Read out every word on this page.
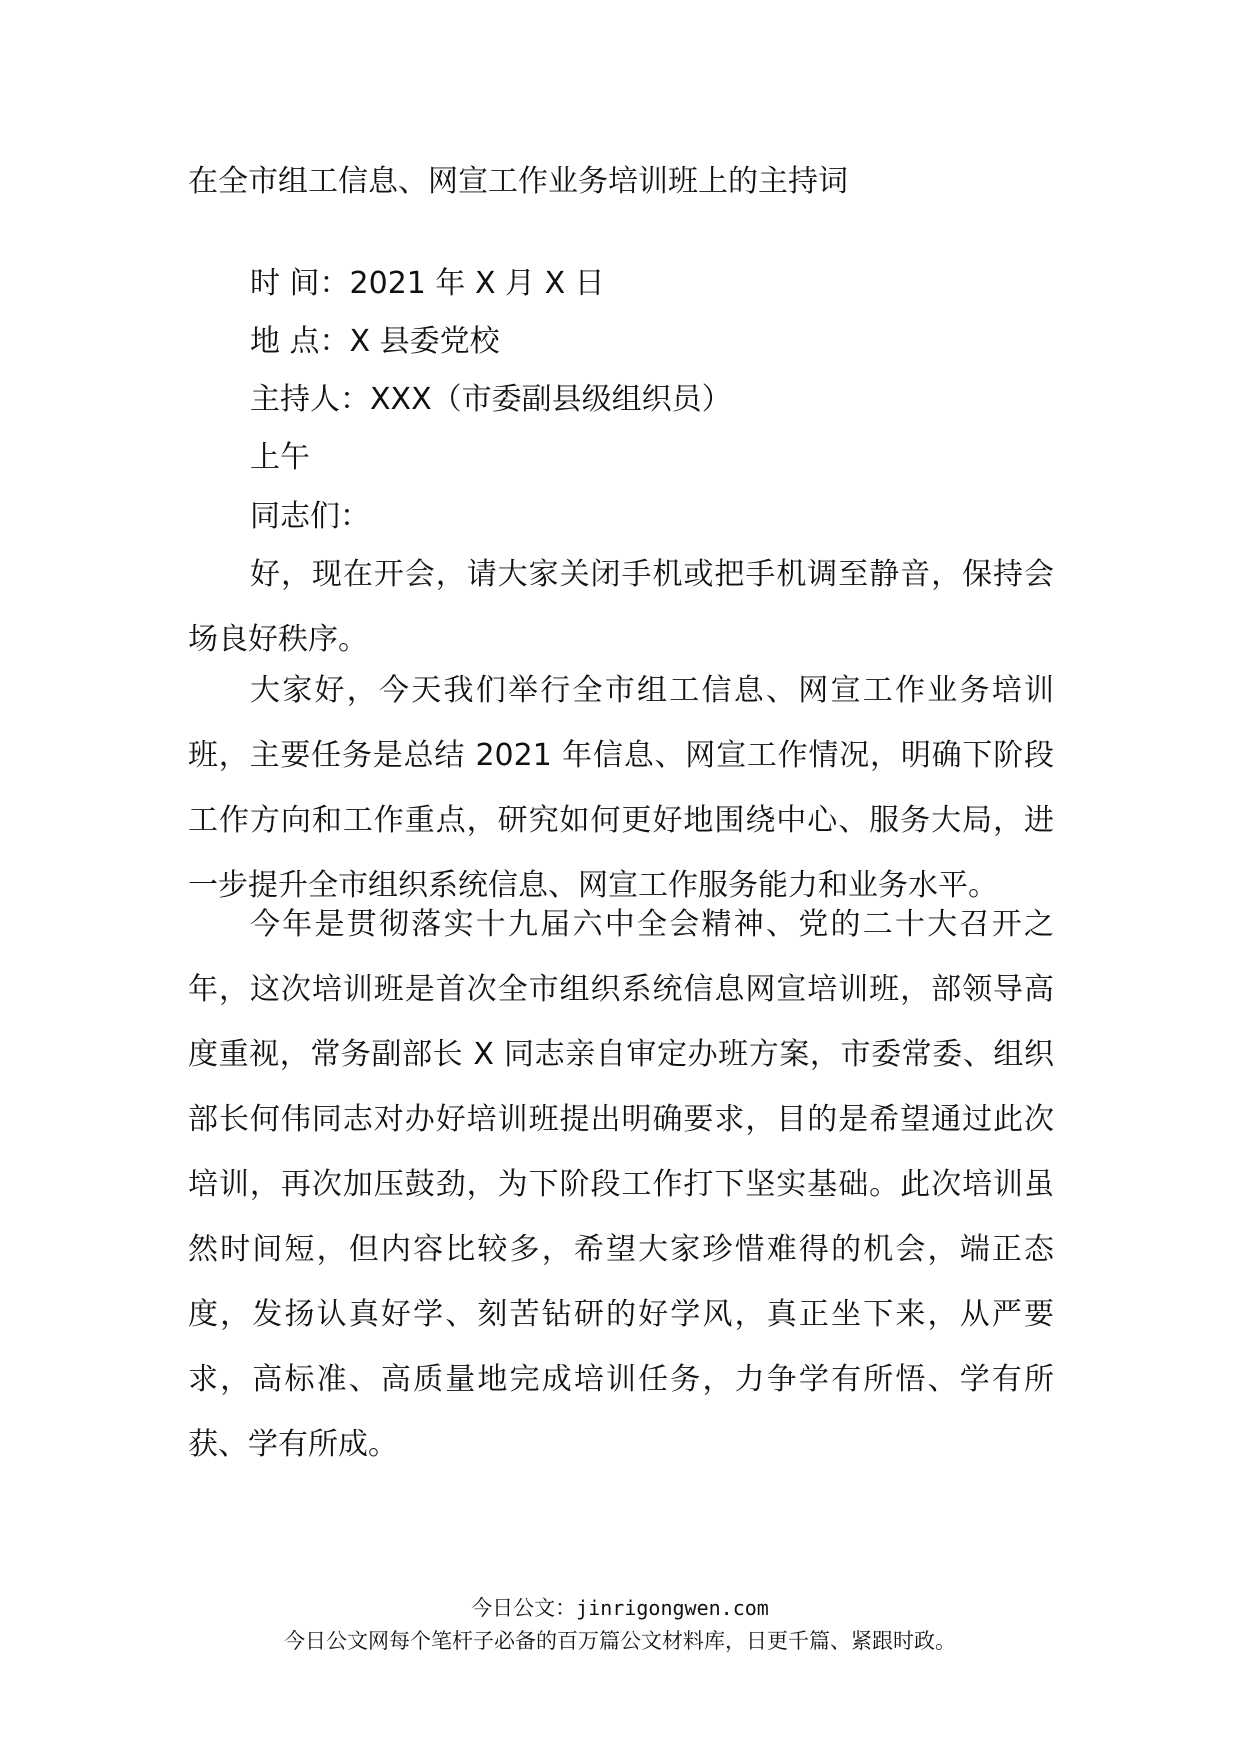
在全市组工信息、网宣工作业务培训班上的主持词
时 间：2021 年 X 月 X 日
地 点：X 县委党校
主持人：XXX（市委副县级组织员）
上午
同志们：
好，现在开会，请大家关闭手机或把手机调至静音，保持会场良好秩序。
大家好，今天我们举行全市组工信息、网宣工作业务培训班，主要任务是总结 2021 年信息、网宣工作情况，明确下阶段工作方向和工作重点，研究如何更好地围绕中心、服务大局，进一步提升全市组织系统信息、网宣工作服务能力和业务水平。
今年是贯彻落实十九届六中全会精神、党的二十大召开之年，这次培训班是首次全市组织系统信息网宣培训班，部领导高度重视，常务副部长 X 同志亲自审定办班方案，市委常委、组织部长何伟同志对办好培训班提出明确要求，目的是希望通过此次培训，再次加压鼓劲，为下阶段工作打下坚实基础。此次培训虽然时间短，但内容比较多，希望大家珍惜难得的机会，端正态度，发扬认真好学、刻苦钻研的好学风，真正坐下来，从严要求，高标准、高质量地完成培训任务，力争学有所悟、学有所获、学有所成。
今日公文：jinrigongwen.com
今日公文网每个笔杆子必备的百万篇公文材料库，日更千篇、紧跟时政。
